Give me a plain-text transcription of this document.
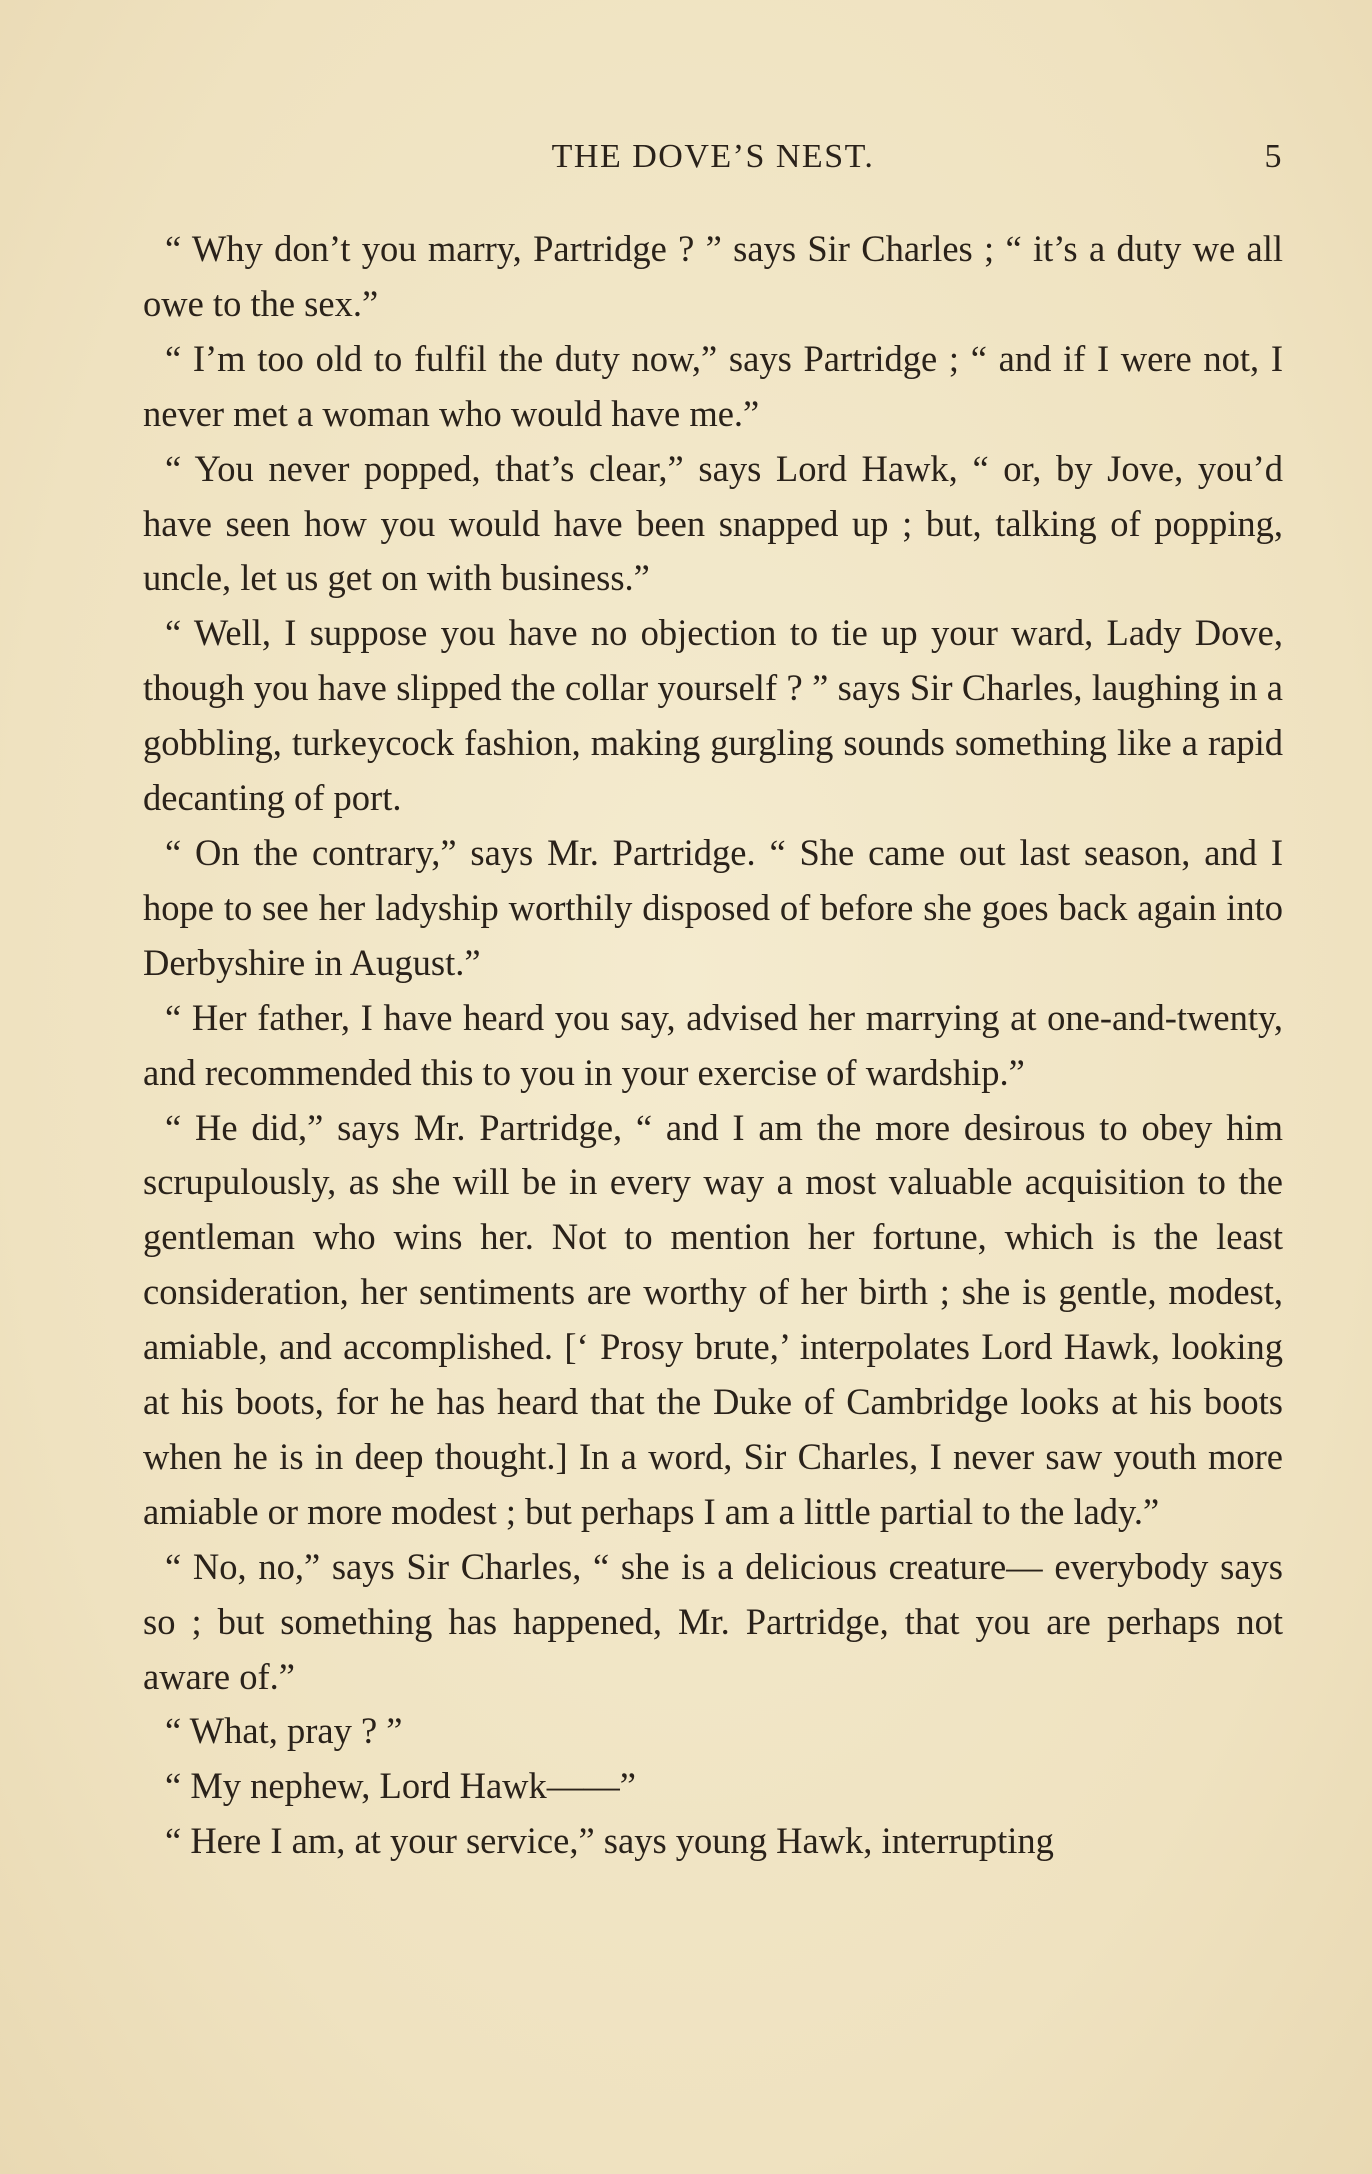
THE DOVE’S NEST.	5

“ Why don’t you marry, Partridge ? ” says Sir Charles ; “ it’s a duty we all owe to the sex.”

“ I’m too old to fulfil the duty now,” says Partridge ; “ and if I were not, I never met a woman who would have me.”

“ You never popped, that’s clear,” says Lord Hawk, “ or, by Jove, you’d have seen how you would have been snapped up ; but, talking of popping, uncle, let us get on with business.”

“ Well, I suppose you have no objection to tie up your ward, Lady Dove, though you have slipped the collar yourself ? ” says Sir Charles, laughing in a gobbling, turkeycock fashion, making gurgling sounds something like a rapid decanting of port.

“ On the contrary,” says Mr. Partridge. “ She came out last season, and I hope to see her ladyship worthily disposed of before she goes back again into Derbyshire in August.”

“ Her father, I have heard you say, advised her marrying at one-and-twenty, and recommended this to you in your exercise of wardship.”

“ He did,” says Mr. Partridge, “ and I am the more desirous to obey him scrupulously, as she will be in every way a most valuable acquisition to the gentleman who wins her. Not to mention her fortune, which is the least consideration, her sentiments are worthy of her birth ; she is gentle, modest, amiable, and accomplished. [‘ Prosy brute,’ interpolates Lord Hawk, looking at his boots, for he has heard that the Duke of Cambridge looks at his boots when he is in deep thought.] In a word, Sir Charles, I never saw youth more amiable or more modest ; but perhaps I am a little partial to the lady.”

“ No, no,” says Sir Charles, “ she is a delicious creature— everybody says so ; but something has happened, Mr. Partridge, that you are perhaps not aware of.”

“ What, pray ? ”

“ My nephew, Lord Hawk——”

“ Here I am, at your service,” says young Hawk, interrupting
